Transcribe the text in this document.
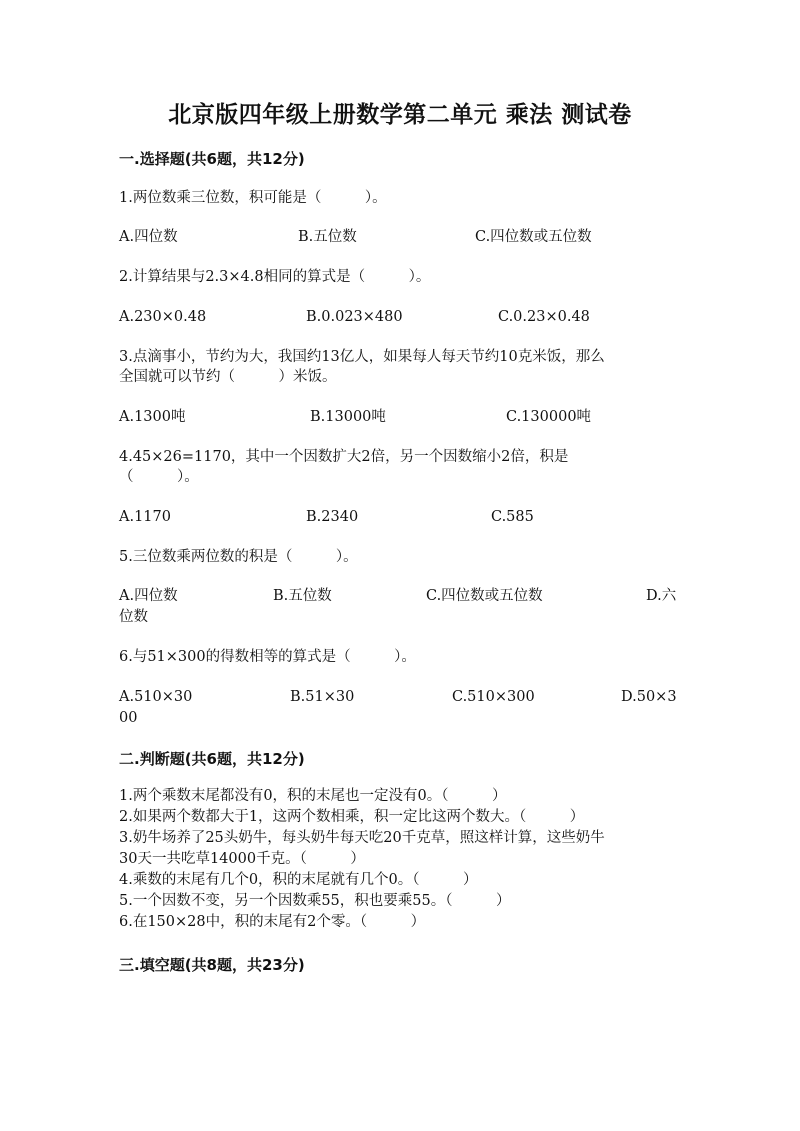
北京版四年级上册数学第二单元 乘法 测试卷
一.选择题(共6题，共12分)
1.两位数乘三位数，积可能是（　　　）。
A.四位数	B.五位数	C.四位数或五位数
2.计算结果与2.3×4.8相同的算式是（　　　）。
A.230×0.48	B.0.023×480	C.0.23×0.48
3.点滴事小，节约为大，我国约13亿人，如果每人每天节约10克米饭，那么
全国就可以节约（　　　）米饭。
A.1300吨	B.13000吨	C.130000吨
4.45×26=1170，其中一个因数扩大2倍，另一个因数缩小2倍，积是
（　　　）。
A.1170	B.2340	C.585
5.三位数乘两位数的积是（　　　）。
A.四位数	B.五位数	C.四位数或五位数	D.六
位数
6.与51×300的得数相等的算式是（　　　）。
A.510×30	B.51×30	C.510×300	D.50×3
00
二.判断题(共6题，共12分)
1.两个乘数末尾都没有0，积的末尾也一定没有0。（　　　）
2.如果两个数都大于1，这两个数相乘，积一定比这两个数大。（　　　）
3.奶牛场养了25头奶牛，每头奶牛每天吃20千克草，照这样计算，这些奶牛
30天一共吃草14000千克。（　　　）
4.乘数的末尾有几个0，积的末尾就有几个0。（　　　）
5.一个因数不变，另一个因数乘55，积也要乘55。（　　　）
6.在150×28中，积的末尾有2个零。（　　　）
三.填空题(共8题，共23分)
